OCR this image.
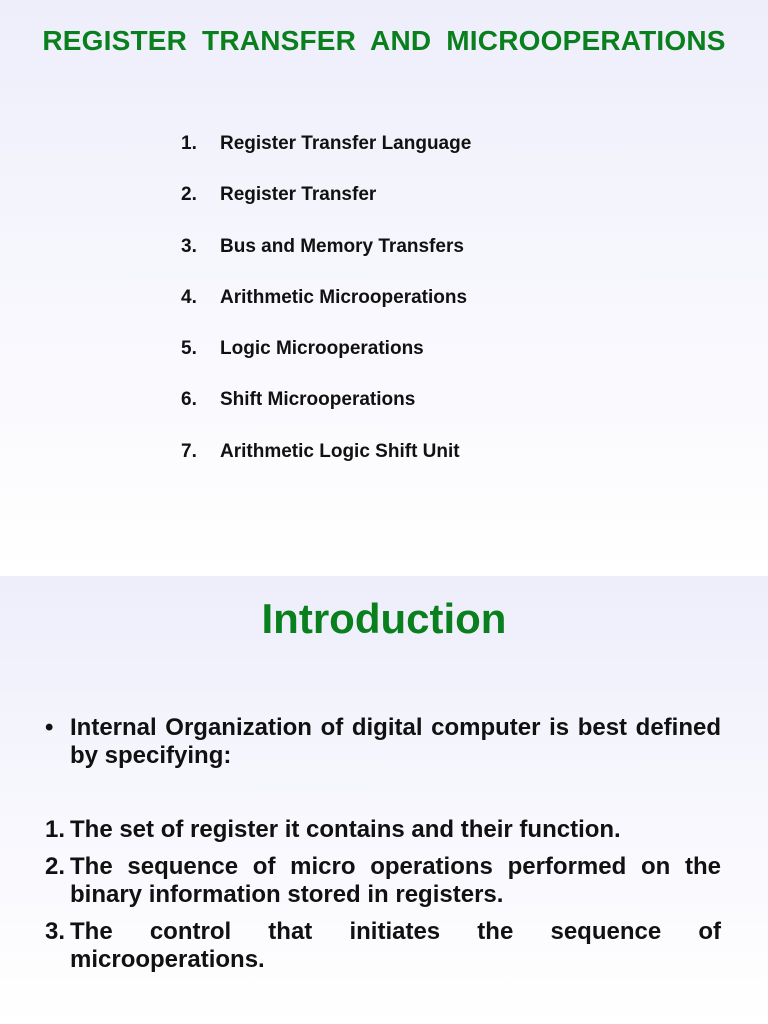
REGISTER TRANSFER AND MICROOPERATIONS
1.	Register Transfer Language
2.	Register Transfer
3.	Bus and Memory Transfers
4.	Arithmetic Microoperations
5.	Logic Microoperations
6.	Shift Microoperations
7.	Arithmetic Logic Shift Unit
Introduction
• Internal Organization of digital computer is best defined by specifying:
1. The set of register it contains and their function.
2. The sequence of micro operations performed on the binary information stored in registers.
3. The control that initiates the sequence of microoperations.
